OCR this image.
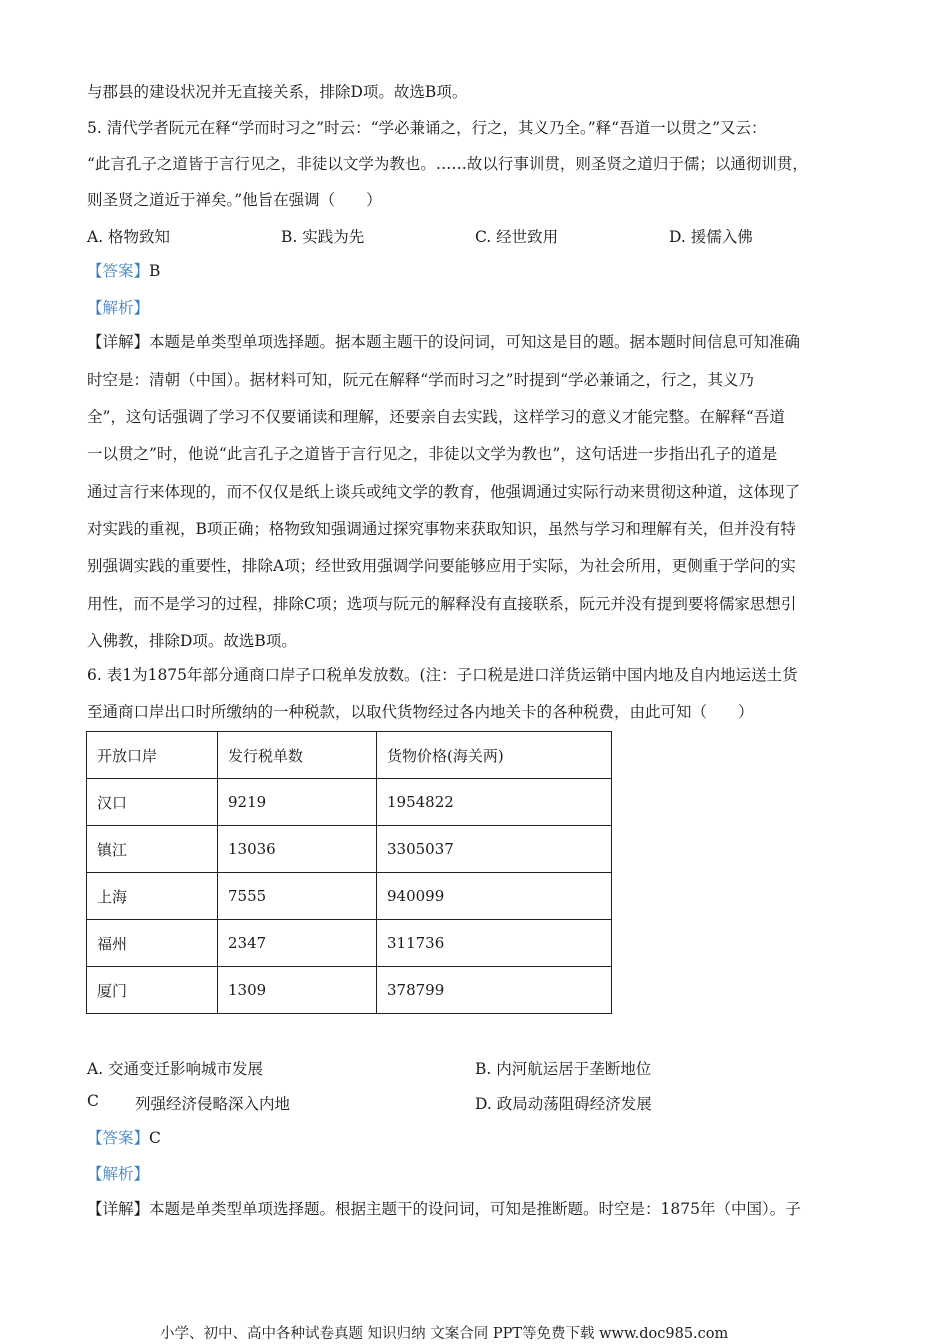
与郡县的建设状况并无直接关系，排除D项。故选B项。
5. 清代学者阮元在释“学而时习之”时云：“学必兼诵之，行之，其义乃全。”释“吾道一以贯之”又云：
“此言孔子之道皆于言行见之，非徒以文学为教也。……故以行事训贯，则圣贤之道归于儒；以通彻训贯，
则圣贤之道近于禅矣。”他旨在强调（　　）
A. 格物致知	B. 实践为先	C. 经世致用	D. 援儒入佛
【答案】B
【解析】
【详解】本题是单类型单项选择题。据本题主题干的设问词，可知这是目的题。据本题时间信息可知准确
时空是：清朝（中国）。据材料可知，阮元在解释“学而时习之”时提到“学必兼诵之，行之，其义乃
全”，这句话强调了学习不仅要诵读和理解，还要亲自去实践，这样学习的意义才能完整。在解释“吾道
一以贯之”时，他说“此言孔子之道皆于言行见之，非徒以文学为教也”，这句话进一步指出孔子的道是
通过言行来体现的，而不仅仅是纸上谈兵或纯文学的教育，他强调通过实际行动来贯彻这种道，这体现了
对实践的重视，B项正确；格物致知强调通过探究事物来获取知识，虽然与学习和理解有关，但并没有特
别强调实践的重要性，排除A项；经世致用强调学问要能够应用于实际，为社会所用，更侧重于学问的实
用性，而不是学习的过程，排除C项；选项与阮元的解释没有直接联系，阮元并没有提到要将儒家思想引
入佛教，排除D项。故选B项。
6. 表1为1875年部分通商口岸子口税单发放数。(注：子口税是进口洋货运销中国内地及自内地运送土货
至通商口岸出口时所缴纳的一种税款，以取代货物经过各内地关卡的各种税费，由此可知（　　）
开放口岸	发行税单数	货物价格(海关两)
汉口	9219	1954822
镇江	13036	3305037
上海	7555	940099
福州	2347	311736
厦门	1309	378799
A. 交通变迁影响城市发展	B. 内河航运居于垄断地位
C 列强经济侵略深入内地	D. 政局动荡阻碍经济发展
【答案】C
【解析】
【详解】本题是单类型单项选择题。根据主题干的设问词，可知是推断题。时空是：1875年（中国）。子
小学、初中、高中各种试卷真题 知识归纳 文案合同 PPT等免费下载 www.doc985.com
